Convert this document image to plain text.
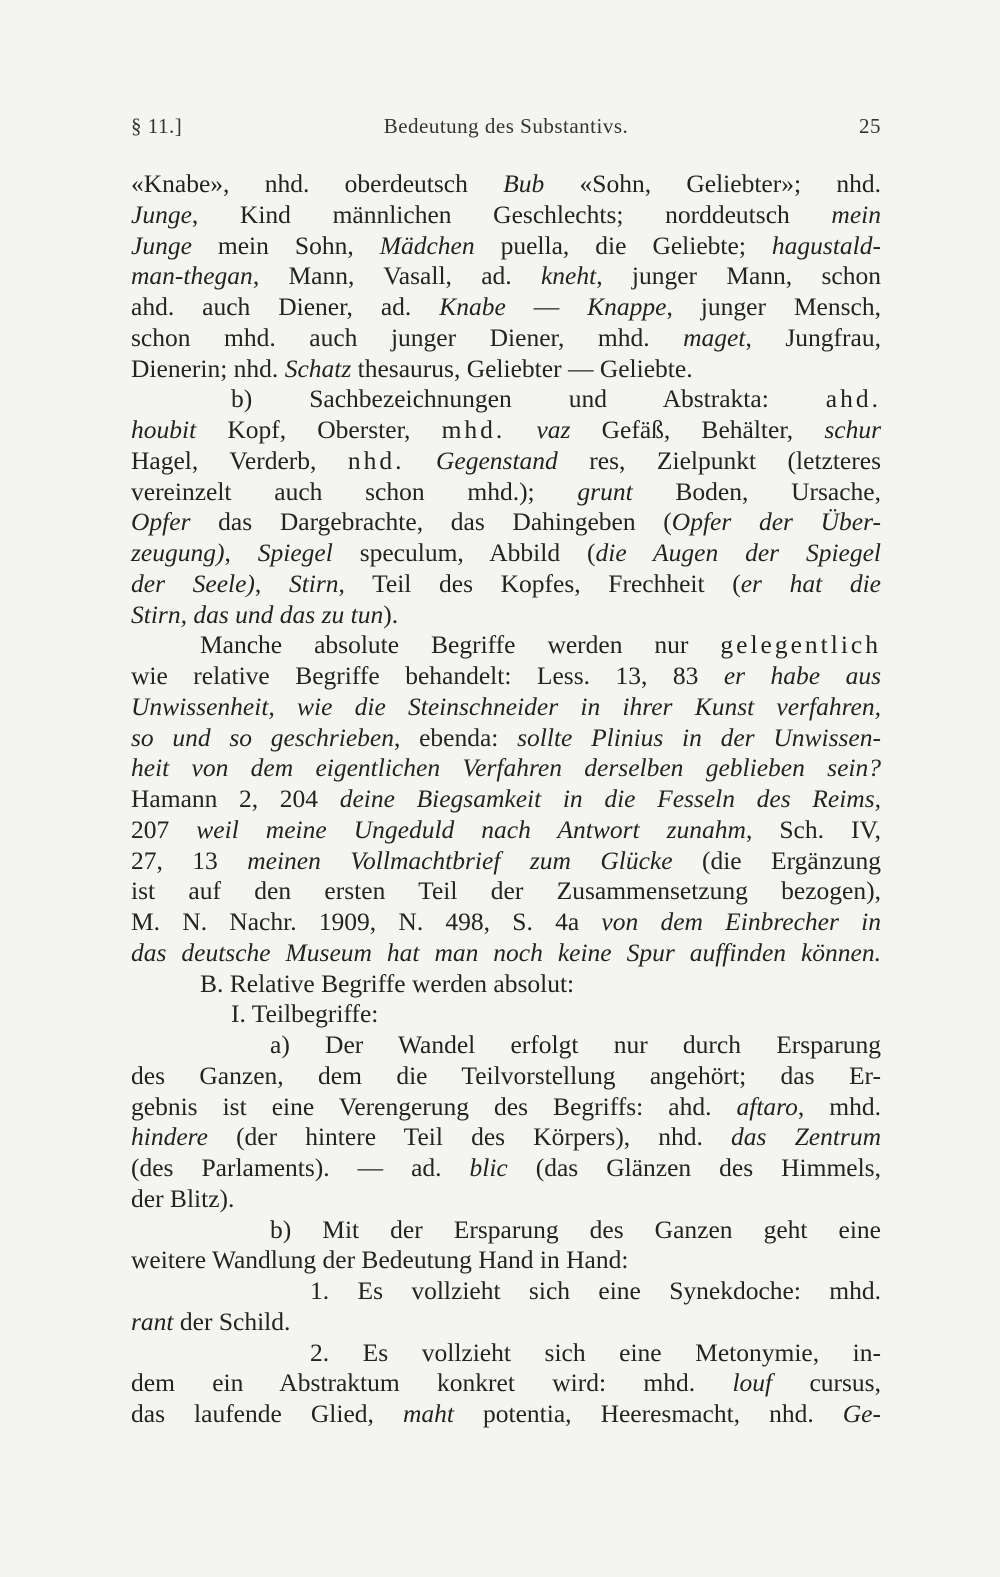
§ 11.]	Bedeutung des Substantivs.	25
«Knabe», nhd. oberdeutsch Bub «Sohn, Geliebter»; nhd.
Junge, Kind männlichen Geschlechts; norddeutsch mein
Junge mein Sohn, Mädchen puella, die Geliebte; hagustald-
man-thegan, Mann, Vasall, ad. kneht, junger Mann, schon
ahd. auch Diener, ad. Knabe — Knappe, junger Mensch,
schon mhd. auch junger Diener, mhd. maget, Jungfrau,
Dienerin; nhd. Schatz thesaurus, Geliebter — Geliebte.
b) Sachbezeichnungen und Abstrakta: ahd.
houbit Kopf, Oberster, mhd. vaz Gefäß, Behälter, schur
Hagel, Verderb, nhd. Gegenstand res, Zielpunkt (letzteres
vereinzelt auch schon mhd.); grunt Boden, Ursache,
Opfer das Dargebrachte, das Dahingeben (Opfer der Über-
zeugung), Spiegel speculum, Abbild (die Augen der Spiegel
der Seele), Stirn, Teil des Kopfes, Frechheit (er hat die
Stirn, das und das zu tun).
Manche absolute Begriffe werden nur gelegentlich
wie relative Begriffe behandelt: Less. 13, 83 er habe aus
Unwissenheit, wie die Steinschneider in ihrer Kunst verfahren,
so und so geschrieben, ebenda: sollte Plinius in der Unwissen-
heit von dem eigentlichen Verfahren derselben geblieben sein?
Hamann 2, 204 deine Biegsamkeit in die Fesseln des Reims,
207 weil meine Ungeduld nach Antwort zunahm, Sch. IV,
27, 13 meinen Vollmachtbrief zum Glücke (die Ergänzung
ist auf den ersten Teil der Zusammensetzung bezogen),
M. N. Nachr. 1909, N. 498, S. 4a von dem Einbrecher in
das deutsche Museum hat man noch keine Spur auffinden können.
B. Relative Begriffe werden absolut:
I. Teilbegriffe:
a) Der Wandel erfolgt nur durch Ersparung
des Ganzen, dem die Teilvorstellung angehört; das Er-
gebnis ist eine Verengerung des Begriffs: ahd. aftaro, mhd.
hindere (der hintere Teil des Körpers), nhd. das Zentrum
(des Parlaments). — ad. blic (das Glänzen des Himmels,
der Blitz).
b) Mit der Ersparung des Ganzen geht eine
weitere Wandlung der Bedeutung Hand in Hand:
1. Es vollzieht sich eine Synekdoche: mhd.
rant der Schild.
2. Es vollzieht sich eine Metonymie, in-
dem ein Abstraktum konkret wird: mhd. louf cursus,
das laufende Glied, maht potentia, Heeresmacht, nhd. Ge-
